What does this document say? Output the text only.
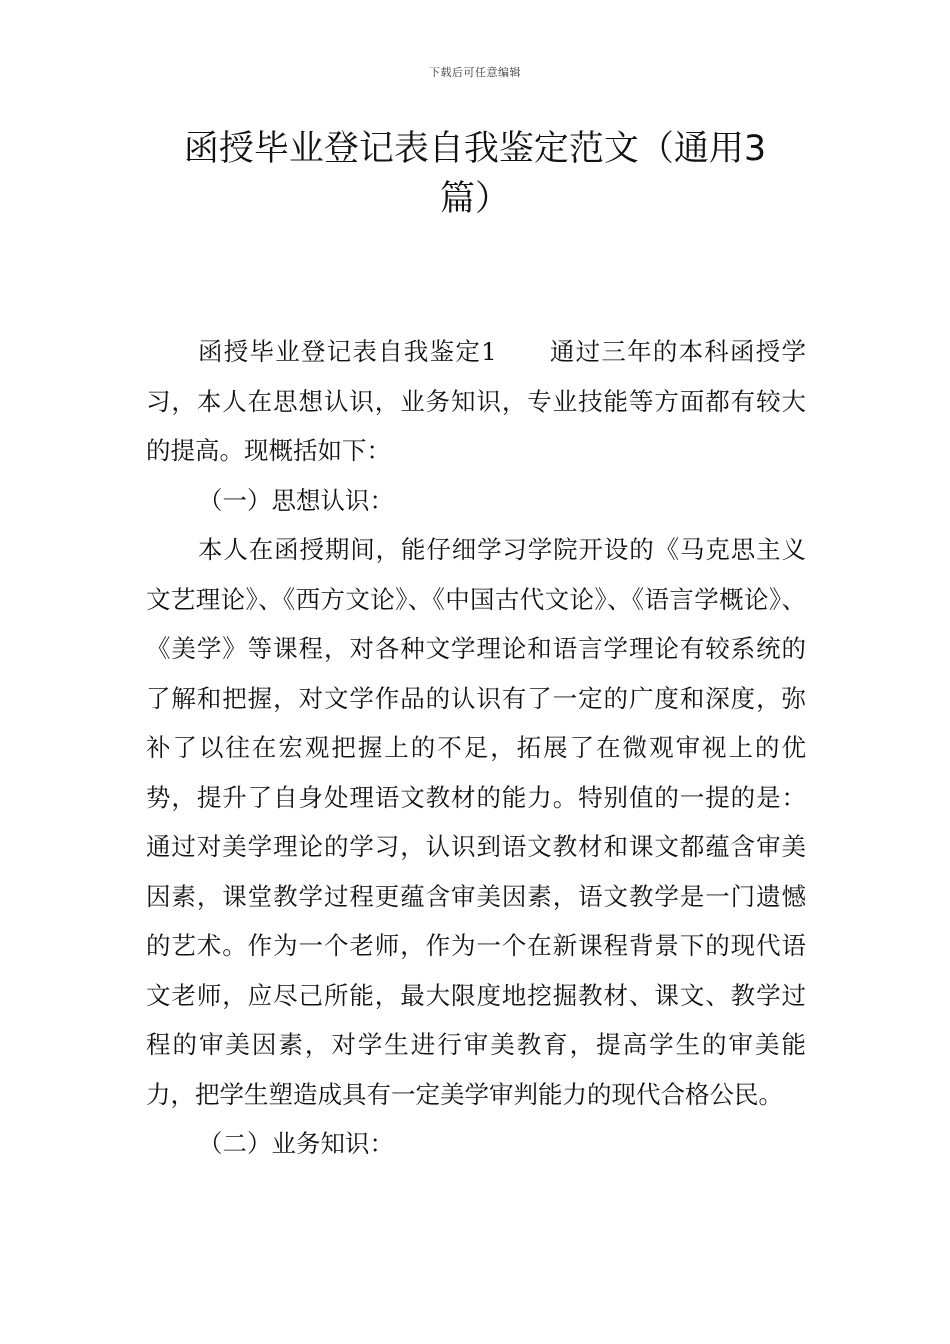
下载后可任意编辑
函授毕业登记表自我鉴定范文（通用3篇）

函授毕业登记表自我鉴定1 通过三年的本科函授学习，本人在思想认识，业务知识，专业技能等方面都有较大的提高。现概括如下：

（一）思想认识：

本人在函授期间，能仔细学习学院开设的《马克思主义文艺理论》、《西方文论》、《中国古代文论》、《语言学概论》、《美学》等课程，对各种文学理论和语言学理论有较系统的了解和把握，对文学作品的认识有了一定的广度和深度，弥补了以往在宏观把握上的不足，拓展了在微观审视上的优势，提升了自身处理语文教材的能力。特别值的一提的是：通过对美学理论的学习，认识到语文教材和课文都蕴含审美因素，课堂教学过程更蕴含审美因素，语文教学是一门遗憾的艺术。作为一个老师，作为一个在新课程背景下的现代语文老师，应尽己所能，最大限度地挖掘教材、课文、教学过程的审美因素，对学生进行审美教育，提高学生的审美能力，把学生塑造成具有一定美学审判能力的现代合格公民。

（二）业务知识：
